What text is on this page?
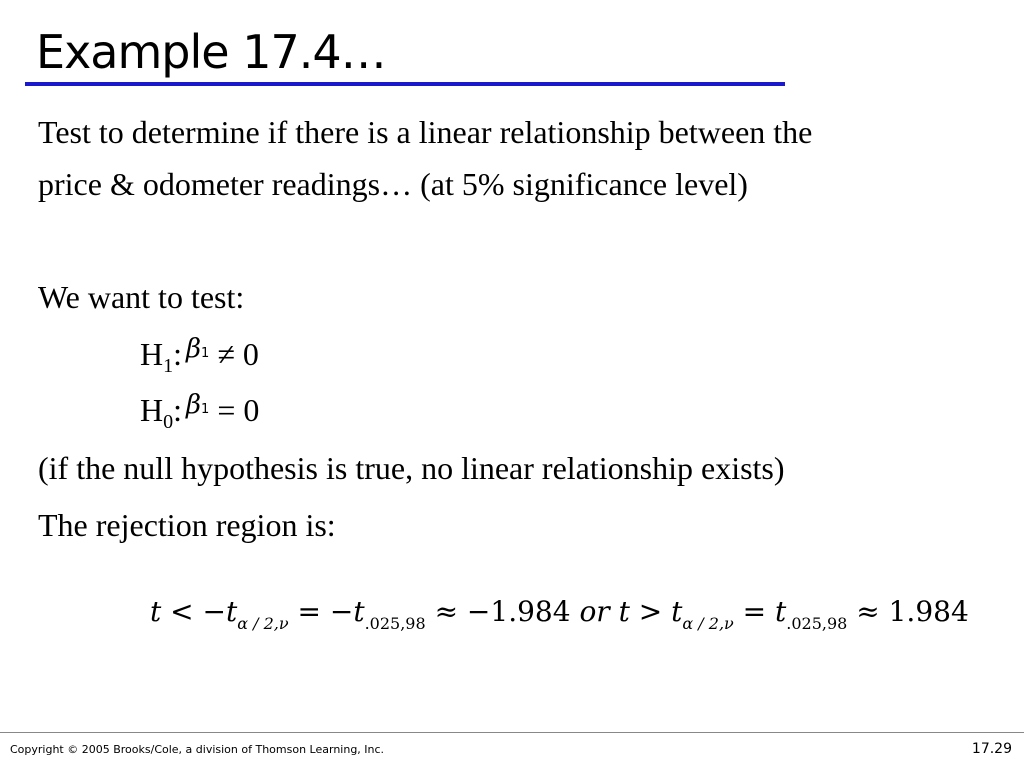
Example 17.4…
Test to determine if there is a linear relationship between the
price & odometer readings… (at 5% significance level)
We want to test:
$H_1$: $^{\beta 1}$ ≠ 0
$H_0$: $^{\beta 1}$ = 0
(if the null hypothesis is true, no linear relationship exists)
The rejection region is:
$t < -t_{\alpha / 2,\nu} = -t_{.025,98} \approx -1.984$ or $t > t_{\alpha / 2,\nu} = t_{.025,98} \approx 1.984$
Copyright © 2005 Brooks/Cole, a division of Thomson Learning, Inc.	17.29
